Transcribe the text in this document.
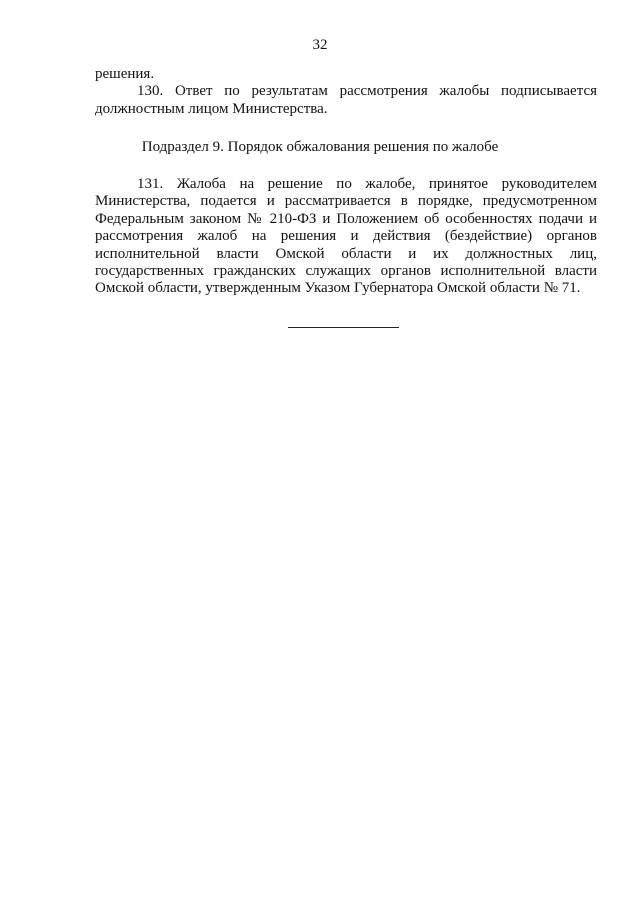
32
решения.
130. Ответ по результатам рассмотрения жалобы подписывается
должностным лицом Министерства.
Подраздел 9. Порядок обжалования решения по жалобе
131. Жалоба на решение по жалобе, принятое руководителем
Министерства, подается и рассматривается в порядке, предусмотренном
Федеральным законом № 210-ФЗ и Положением об особенностях подачи и
рассмотрения жалоб на решения и действия (бездействие) органов
исполнительной власти Омской области и их должностных лиц,
государственных гражданских служащих органов исполнительной власти
Омской области, утвержденным Указом Губернатора Омской области № 71.
